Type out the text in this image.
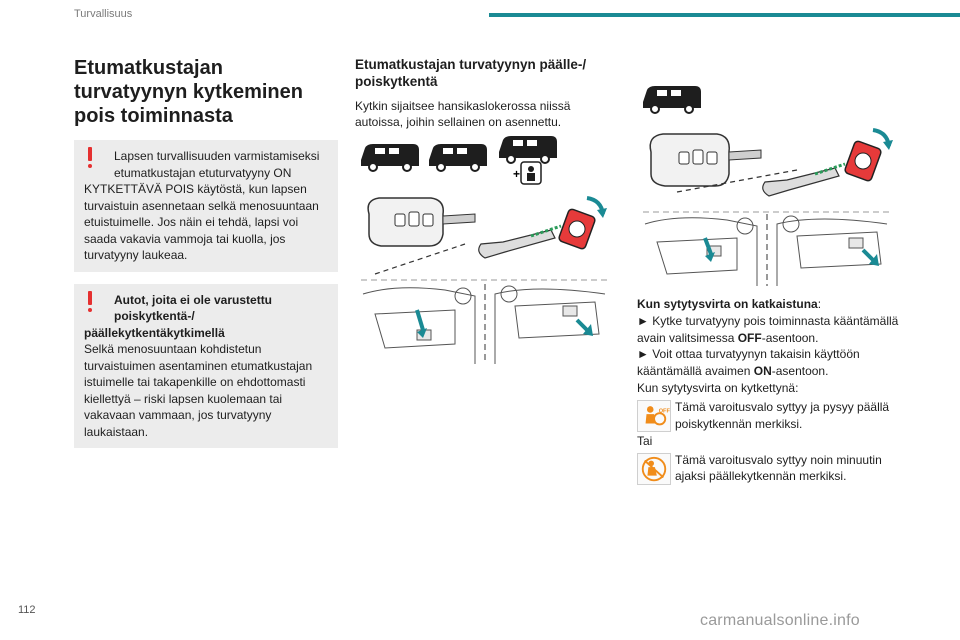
Turvallisuus
Etumatkustajan turvatyynyn kytkeminen pois toiminnasta
Lapsen turvallisuuden varmistamiseksi etumatkustajan etuturvatyyny ON
KYTKETTÄVÄ POIS käytöstä, kun lapsen turvaistuin asennetaan selkä menosuuntaan etuistuimelle. Jos näin ei tehdä, lapsi voi saada vakavia vammoja tai kuolla, jos turvatyyny laukeaa.
Autot, joita ei ole varustettu poiskytkentä-/
päällekytkentäkytkimellä
Selkä menosuuntaan kohdistetun turvaistuimen asentaminen etumatkustajan istuimelle tai takapenkille on ehdottomasti kiellettyä – riski lapsen kuolemaan tai vakavaan vammaan, jos turvatyyny laukaistaan.
Etumatkustajan turvatyynyn päälle-/ poiskytkentä

Kytkin sijaitsee hansikaslokerossa niissä autoissa, joihin sellainen on asennettu.

+
Kun sytytysvirta on katkaistuna:
► Kytke turvatyyny pois toiminnasta kääntämällä avain valitsimessa OFF-asentoon.
► Voit ottaa turvatyynyn takaisin käyttöön kääntämällä avaimen ON-asentoon.
Kun sytytysvirta on kytkettynä:
OFF Tämä varoitusvalo syttyy ja pysyy päällä poiskytkennän merkiksi.
Tai
Tämä varoitusvalo syttyy noin minuutin ajaksi päällekytkennän merkiksi.
112
carmanualsonline.info
